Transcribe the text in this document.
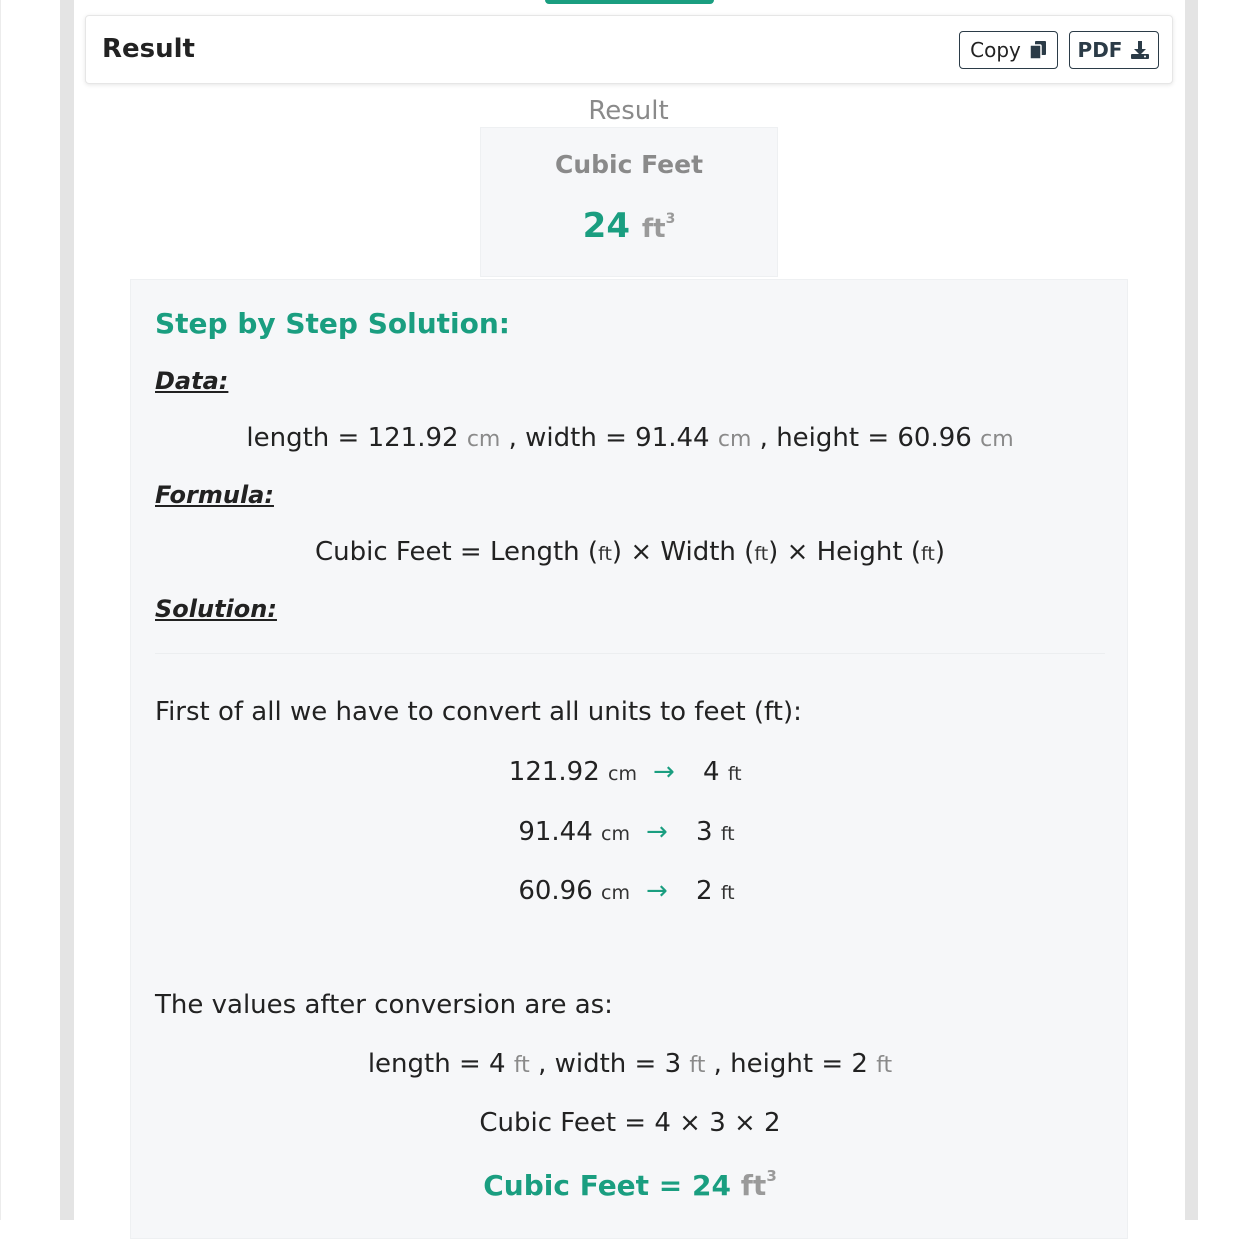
Result	Copy	PDF
Result
Cubic Feet
24 $ft^3$
Step by Step Solution:
Data:
length = 121.92 cm , width = 91.44 cm , height = 60.96 cm
Formula:
Cubic Feet = Length (ft) × Width (ft) × Height (ft)
Solution:
First of all we have to convert all units to feet (ft):
121.92 cm → 4 ft
91.44 cm → 3 ft
60.96 cm → 2 ft
The values after conversion are as:
length = 4 ft , width = 3 ft , height = 2 ft
Cubic Feet = 4 × 3 × 2
Cubic Feet = 24 $ft^3$
